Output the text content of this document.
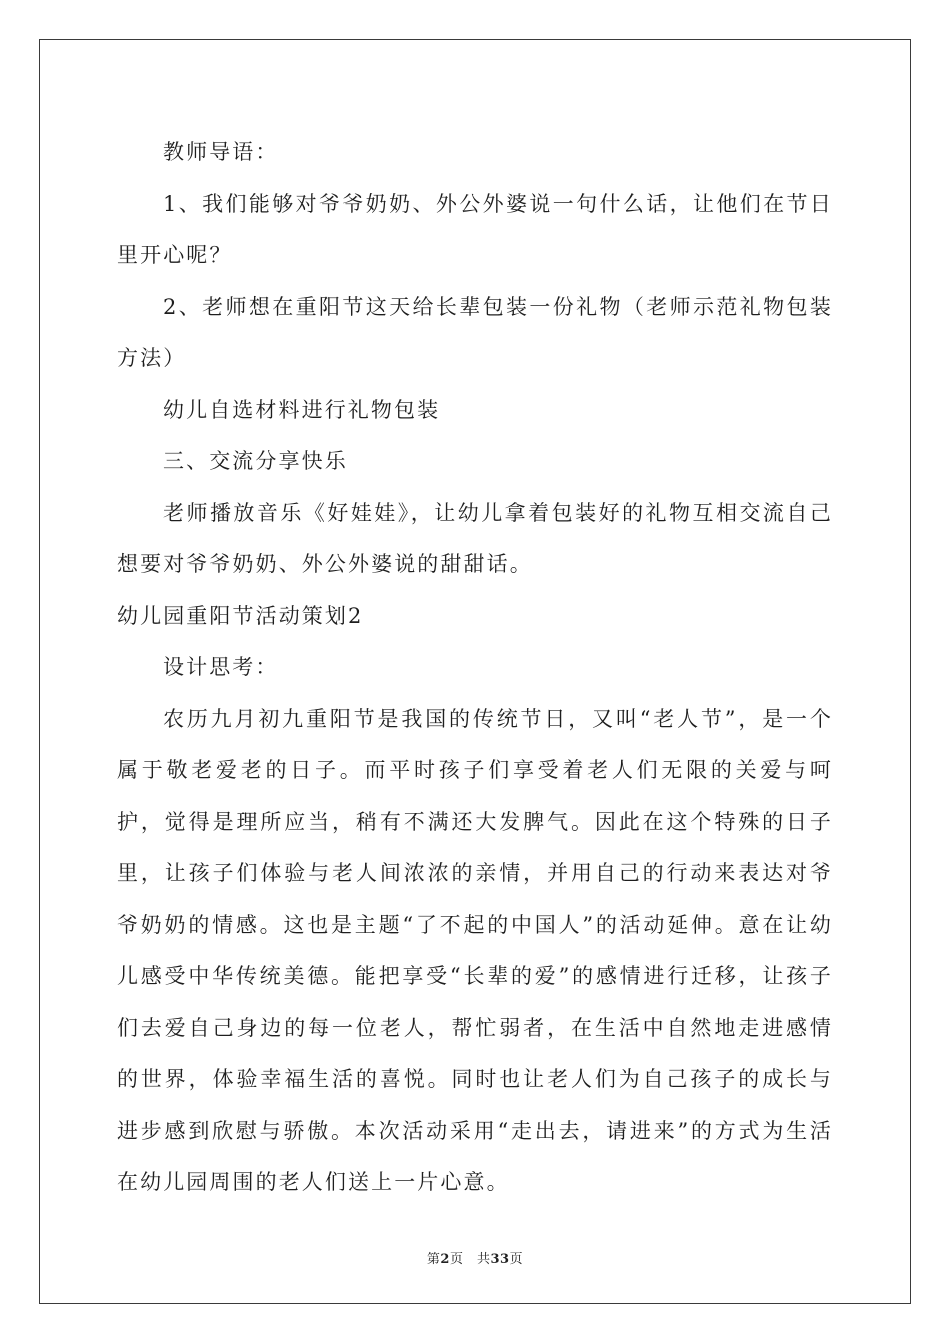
教师导语：

1、我们能够对爷爷奶奶、外公外婆说一句什么话，让他们在节日里开心呢？

2、老师想在重阳节这天给长辈包装一份礼物（老师示范礼物包装方法）

幼儿自选材料进行礼物包装

三、交流分享快乐

老师播放音乐《好娃娃》，让幼儿拿着包装好的礼物互相交流自己想要对爷爷奶奶、外公外婆说的甜甜话。

幼儿园重阳节活动策划2

设计思考：

农历九月初九重阳节是我国的传统节日，又叫“老人节”，是一个属于敬老爱老的日子。而平时孩子们享受着老人们无限的关爱与呵护，觉得是理所应当，稍有不满还大发脾气。因此在这个特殊的日子里，让孩子们体验与老人间浓浓的亲情，并用自己的行动来表达对爷爷奶奶的情感。这也是主题“了不起的中国人”的活动延伸。意在让幼儿感受中华传统美德。能把享受“长辈的爱”的感情进行迁移，让孩子们去爱自己身边的每一位老人，帮忙弱者，在生活中自然地走进感情的世界，体验幸福生活的喜悦。同时也让老人们为自己孩子的成长与进步感到欣慰与骄傲。本次活动采用“走出去，请进来”的方式为生活在幼儿园周围的老人们送上一片心意。

第2页　共33页
